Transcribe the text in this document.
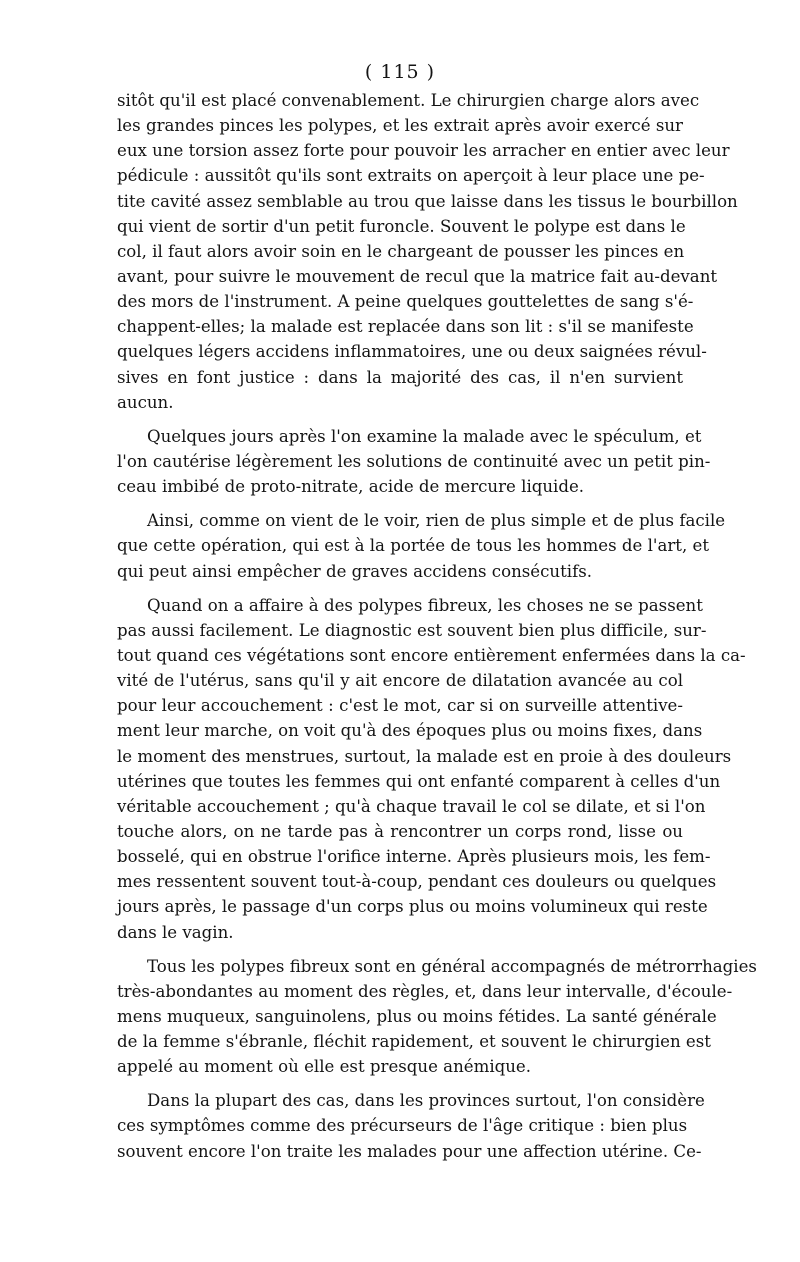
( 115 )
sitôt qu'il est placé convenablement. Le chirurgien charge alors avec
les grandes pinces les polypes, et les extrait après avoir exercé sur
eux une torsion assez forte pour pouvoir les arracher en entier avec leur
pédicule : aussitôt qu'ils sont extraits on aperçoit à leur place une pe-
tite cavité assez semblable au trou que laisse dans les tissus le bourbillon
qui vient de sortir d'un petit furoncle. Souvent le polype est dans le
col, il faut alors avoir soin en le chargeant de pousser les pinces en
avant, pour suivre le mouvement de recul que la matrice fait au-devant
des mors de l'instrument. A peine quelques gouttelettes de sang s'é-
chappent-elles; la malade est replacée dans son lit : s'il se manifeste
quelques légers accidens inflammatoires, une ou deux saignées révul-
sives en font justice : dans la majorité des cas, il n'en survient
aucun.
Quelques jours après l'on examine la malade avec le spéculum, et
l'on cautérise légèrement les solutions de continuité avec un petit pin-
ceau imbibé de proto-nitrate, acide de mercure liquide.
Ainsi, comme on vient de le voir, rien de plus simple et de plus facile
que cette opération, qui est à la portée de tous les hommes de l'art, et
qui peut ainsi empêcher de graves accidens consécutifs.
Quand on a affaire à des polypes fibreux, les choses ne se passent
pas aussi facilement. Le diagnostic est souvent bien plus difficile, sur-
tout quand ces végétations sont encore entièrement enfermées dans la ca-
vité de l'utérus, sans qu'il y ait encore de dilatation avancée au col
pour leur accouchement : c'est le mot, car si on surveille attentive-
ment leur marche, on voit qu'à des époques plus ou moins fixes, dans
le moment des menstrues, surtout, la malade est en proie à des douleurs
utérines que toutes les femmes qui ont enfanté comparent à celles d'un
véritable accouchement ; qu'à chaque travail le col se dilate, et si l'on
touche alors, on ne tarde pas à rencontrer un corps rond, lisse ou
bosselé, qui en obstrue l'orifice interne. Après plusieurs mois, les fem-
mes ressentent souvent tout-à-coup, pendant ces douleurs ou quelques
jours après, le passage d'un corps plus ou moins volumineux qui reste
dans le vagin.
Tous les polypes fibreux sont en général accompagnés de métrorrhagies
très-abondantes au moment des règles, et, dans leur intervalle, d'écoule-
mens muqueux, sanguinolens, plus ou moins fétides. La santé générale
de la femme s'ébranle, fléchit rapidement, et souvent le chirurgien est
appelé au moment où elle est presque anémique.
Dans la plupart des cas, dans les provinces surtout, l'on considère
ces symptômes comme des précurseurs de l'âge critique : bien plus
souvent encore l'on traite les malades pour une affection utérine. Ce-
